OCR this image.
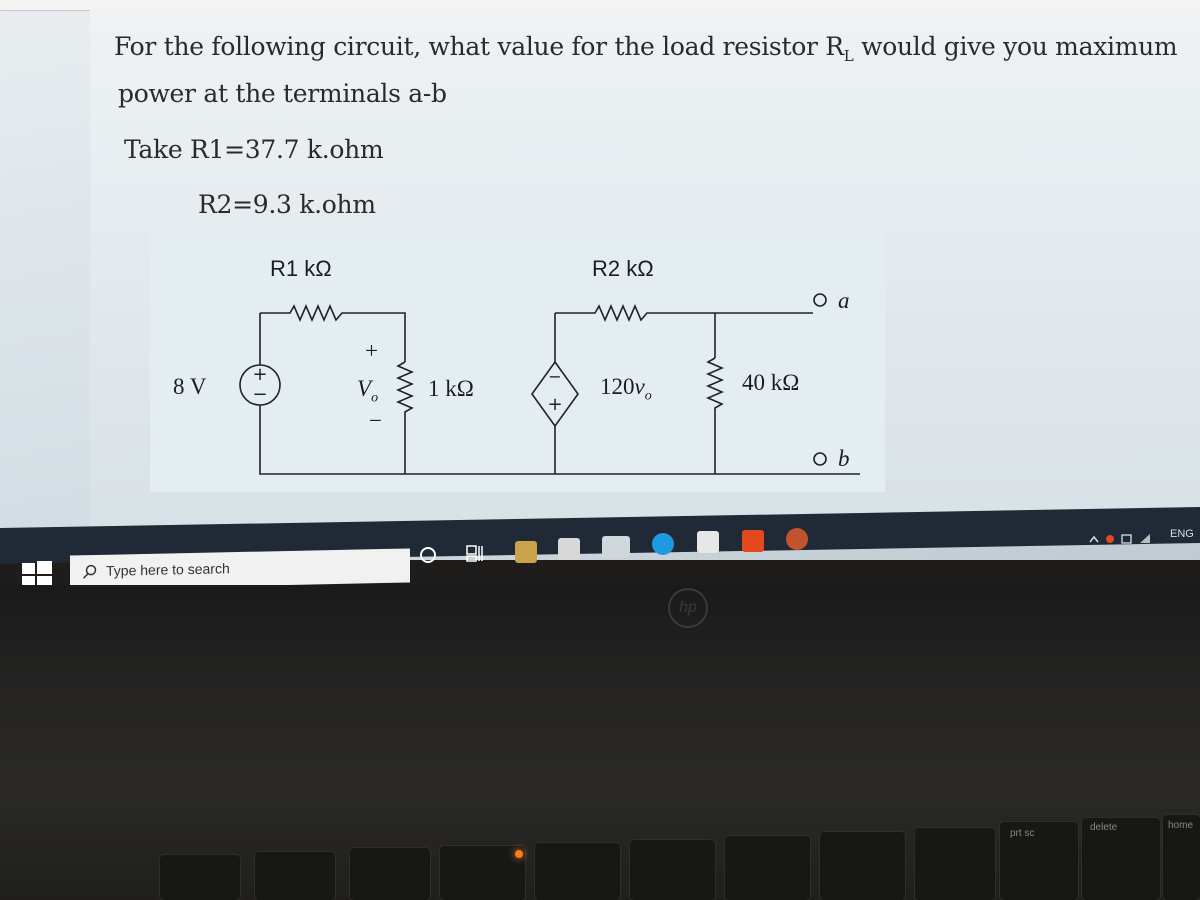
For the following circuit, what value for the load resistor $R_L$ would give you maximum
power at the terminals a-b
Take R1=37.7 k.ohm
R2=9.3 k.ohm
+
−
−
+
R1 kΩ	R2 kΩ
8 V
+
$V_o$
−
1 kΩ	$120v_o$
40 kΩ
a
b
Type here to search
ENG
hp
prt sc
delete	home
